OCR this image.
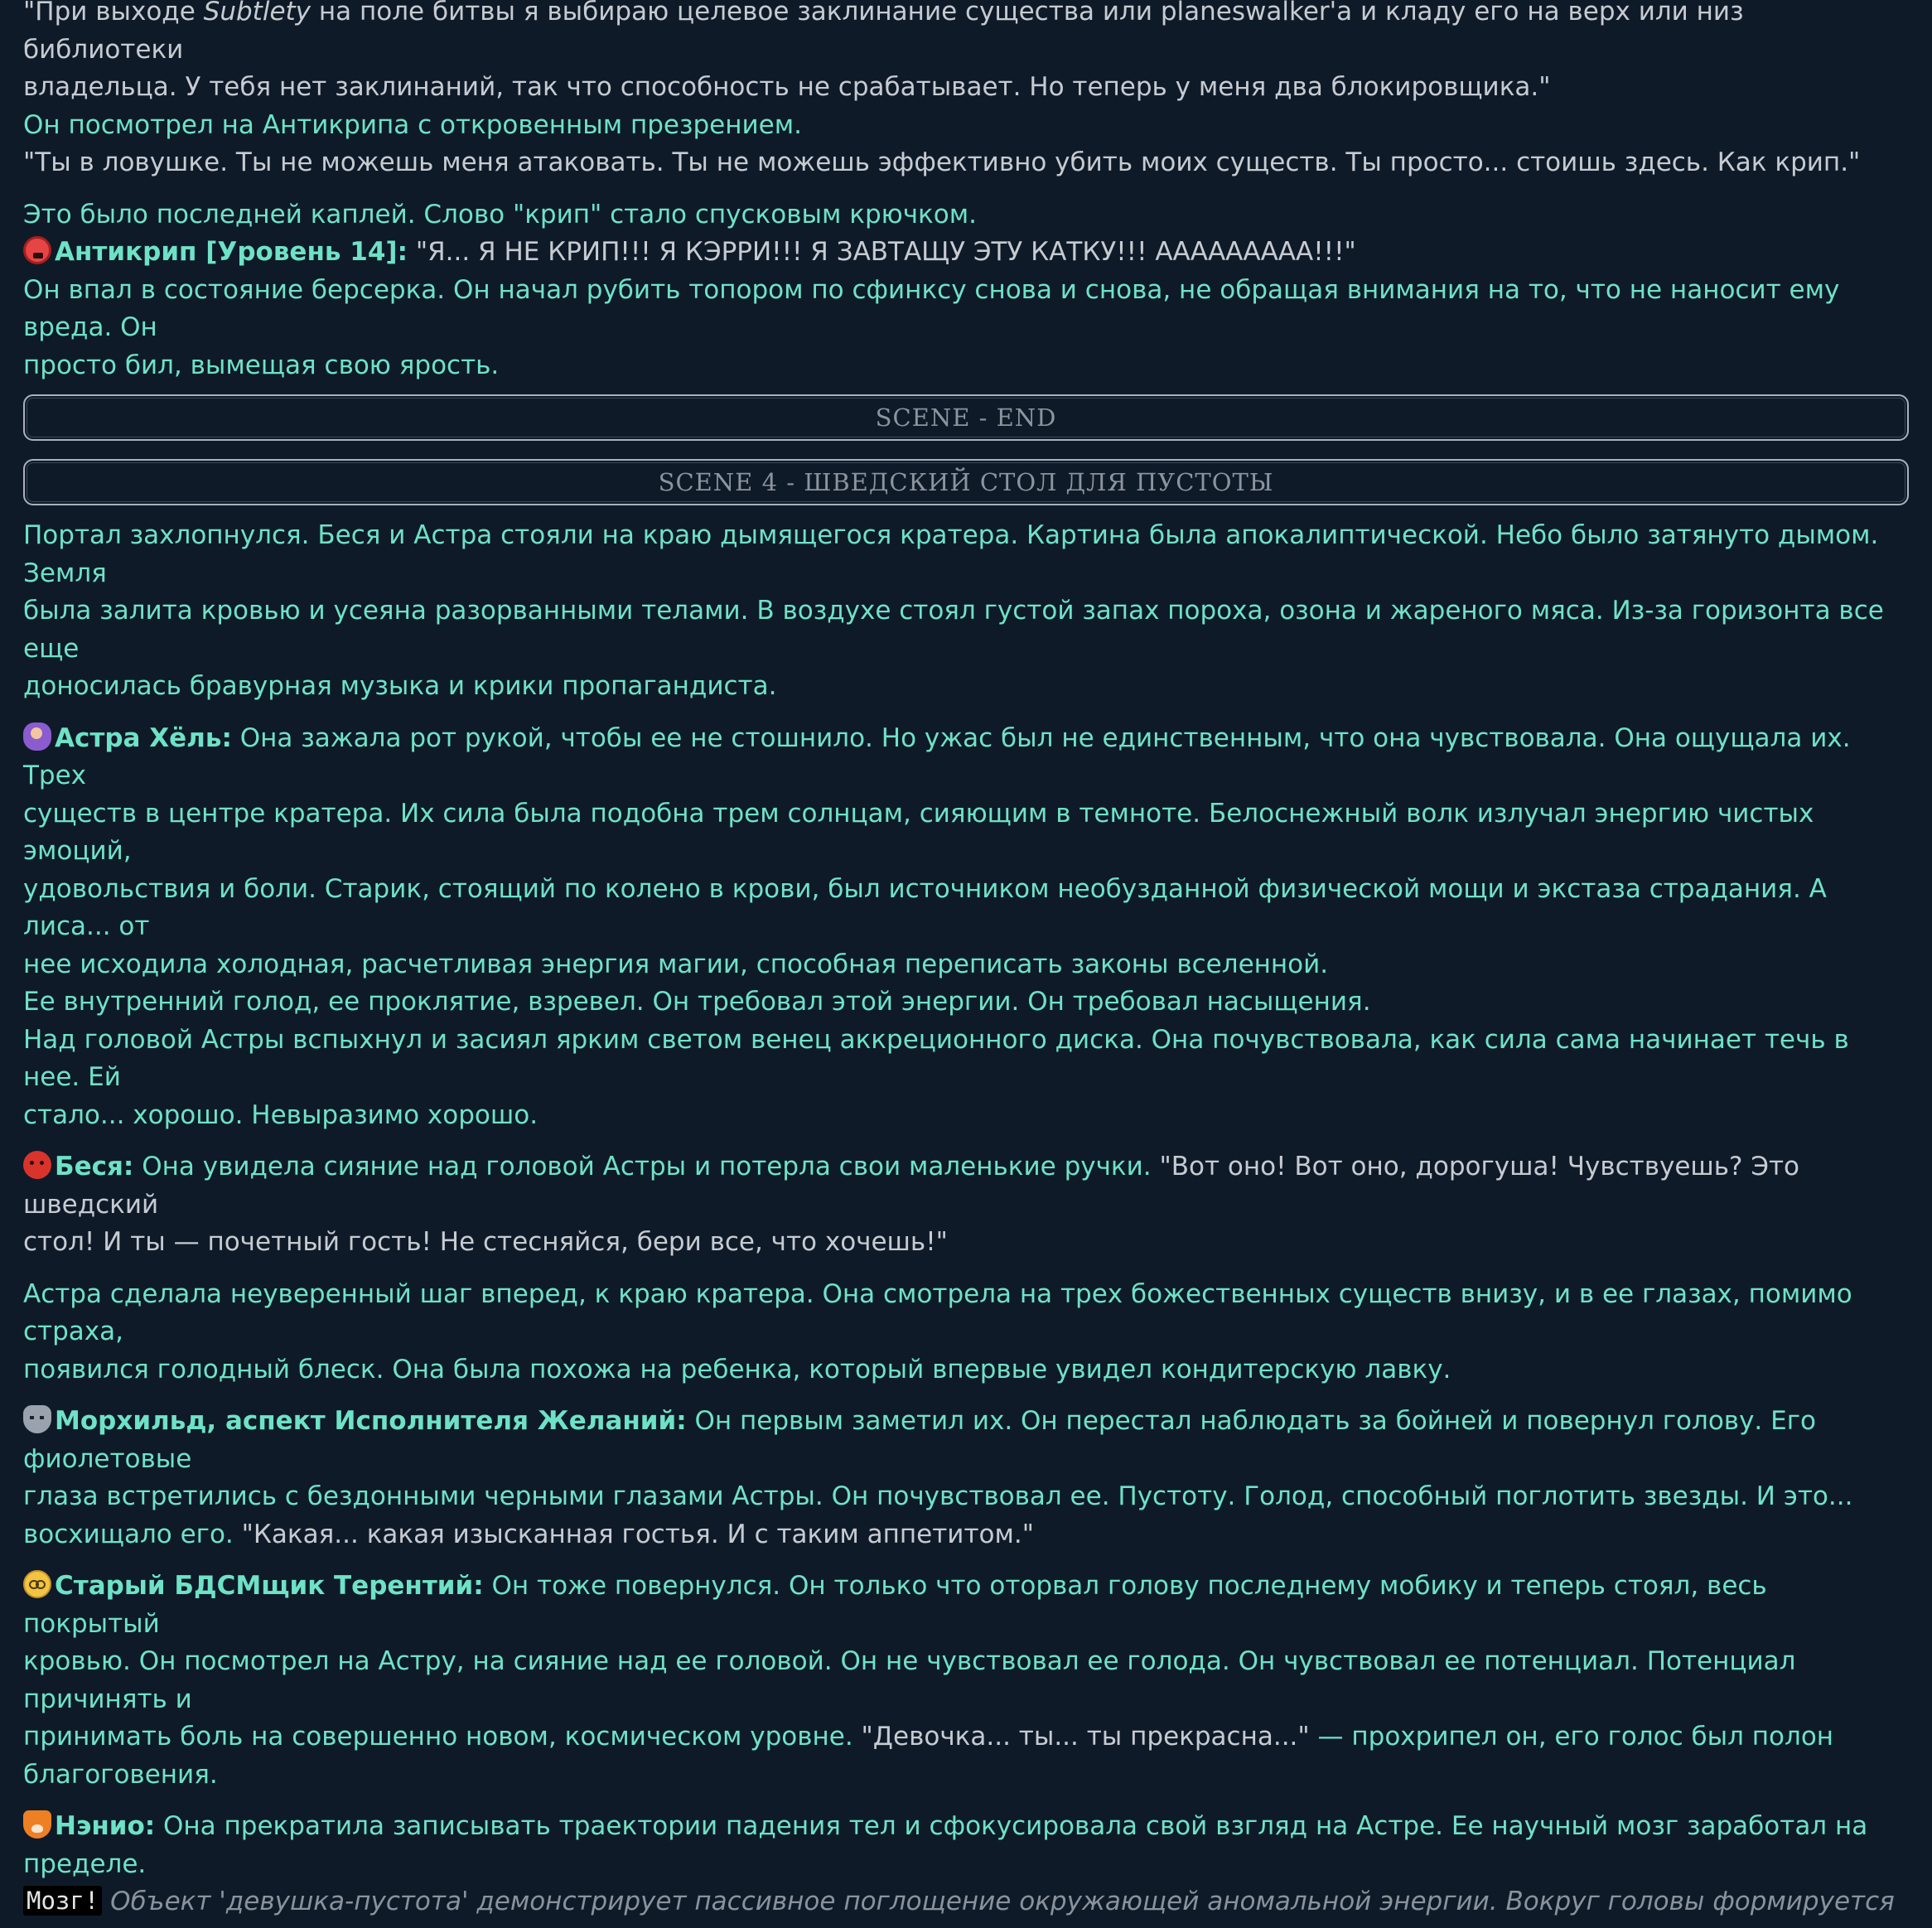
"При выходе Subtlety на поле битвы я выбираю целевое заклинание существа или planeswalker'а и кладу его на верх или низ библиотеки

владельца. У тебя нет заклинаний, так что способность не срабатывает. Но теперь у меня два блокировщика."

Он посмотрел на Антикрипа с откровенным презрением.

"Ты в ловушке. Ты не можешь меня атаковать. Ты не можешь эффективно убить моих существ. Ты просто... стоишь здесь. Как крип."

Это было последней каплей. Слово "крип" стало спусковым крючком.

Антикрип [Уровень 14]: "Я... Я НЕ КРИП!!! Я КЭРРИ!!! Я ЗАВТАЩУ ЭТУ КАТКУ!!! ААААААААА!!!"

Он впал в состояние берсерка. Он начал рубить топором по сфинксу снова и снова, не обращая внимания на то, что не наносит ему вреда. Он

просто бил, вымещая свою ярость.

SCENE - END
SCENE 4 - ШВЕДСКИЙ СТОЛ ДЛЯ ПУСТОТЫ

Портал захлопнулся. Беся и Астра стояли на краю дымящегося кратера. Картина была апокалиптической. Небо было затянуто дымом. Земля

была залита кровью и усеяна разорванными телами. В воздухе стоял густой запах пороха, озона и жареного мяса. Из-за горизонта все еще

доносилась бравурная музыка и крики пропагандиста.

Астра Хёль: Она зажала рот рукой, чтобы ее не стошнило. Но ужас был не единственным, что она чувствовала. Она ощущала их. Трех

существ в центре кратера. Их сила была подобна трем солнцам, сияющим в темноте. Белоснежный волк излучал энергию чистых эмоций,

удовольствия и боли. Старик, стоящий по колено в крови, был источником необузданной физической мощи и экстаза страдания. А лиса... от

нее исходила холодная, расчетливая энергия магии, способная переписать законы вселенной.

Ее внутренний голод, ее проклятие, взревел. Он требовал этой энергии. Он требовал насыщения.

Над головой Астры вспыхнул и засиял ярким светом венец аккреционного диска. Она почувствовала, как сила сама начинает течь в нее. Ей

стало... хорошо. Невыразимо хорошо.

Беся: Она увидела сияние над головой Астры и потерла свои маленькие ручки. "Вот оно! Вот оно, дорогуша! Чувствуешь? Это шведский

стол! И ты — почетный гость! Не стесняйся, бери все, что хочешь!"

Астра сделала неуверенный шаг вперед, к краю кратера. Она смотрела на трех божественных существ внизу, и в ее глазах, помимо страха,

появился голодный блеск. Она была похожа на ребенка, который впервые увидел кондитерскую лавку.

Морхильд, аспект Исполнителя Желаний: Он первым заметил их. Он перестал наблюдать за бойней и повернул голову. Его фиолетовые

глаза встретились с бездонными черными глазами Астры. Он почувствовал ее. Пустоту. Голод, способный поглотить звезды. И это...

восхищало его. "Какая... какая изысканная гостья. И с таким аппетитом."

Старый БДСМщик Терентий: Он тоже повернулся. Он только что оторвал голову последнему мобику и теперь стоял, весь покрытый

кровью. Он посмотрел на Астру, на сияние над ее головой. Он не чувствовал ее голода. Он чувствовал ее потенциал. Потенциал причинять и

принимать боль на совершенно новом, космическом уровне. "Девочка... ты... ты прекрасна..." — прохрипел он, его голос был полон

благоговения.

Нэнио: Она прекратила записывать траектории падения тел и сфокусировала свой взгляд на Астре. Ее научный мозг заработал на пределе.

Мозг! Объект 'девушка-пустота' демонстрирует пассивное поглощение окружающей аномальной энергии. Вокруг головы формируется
